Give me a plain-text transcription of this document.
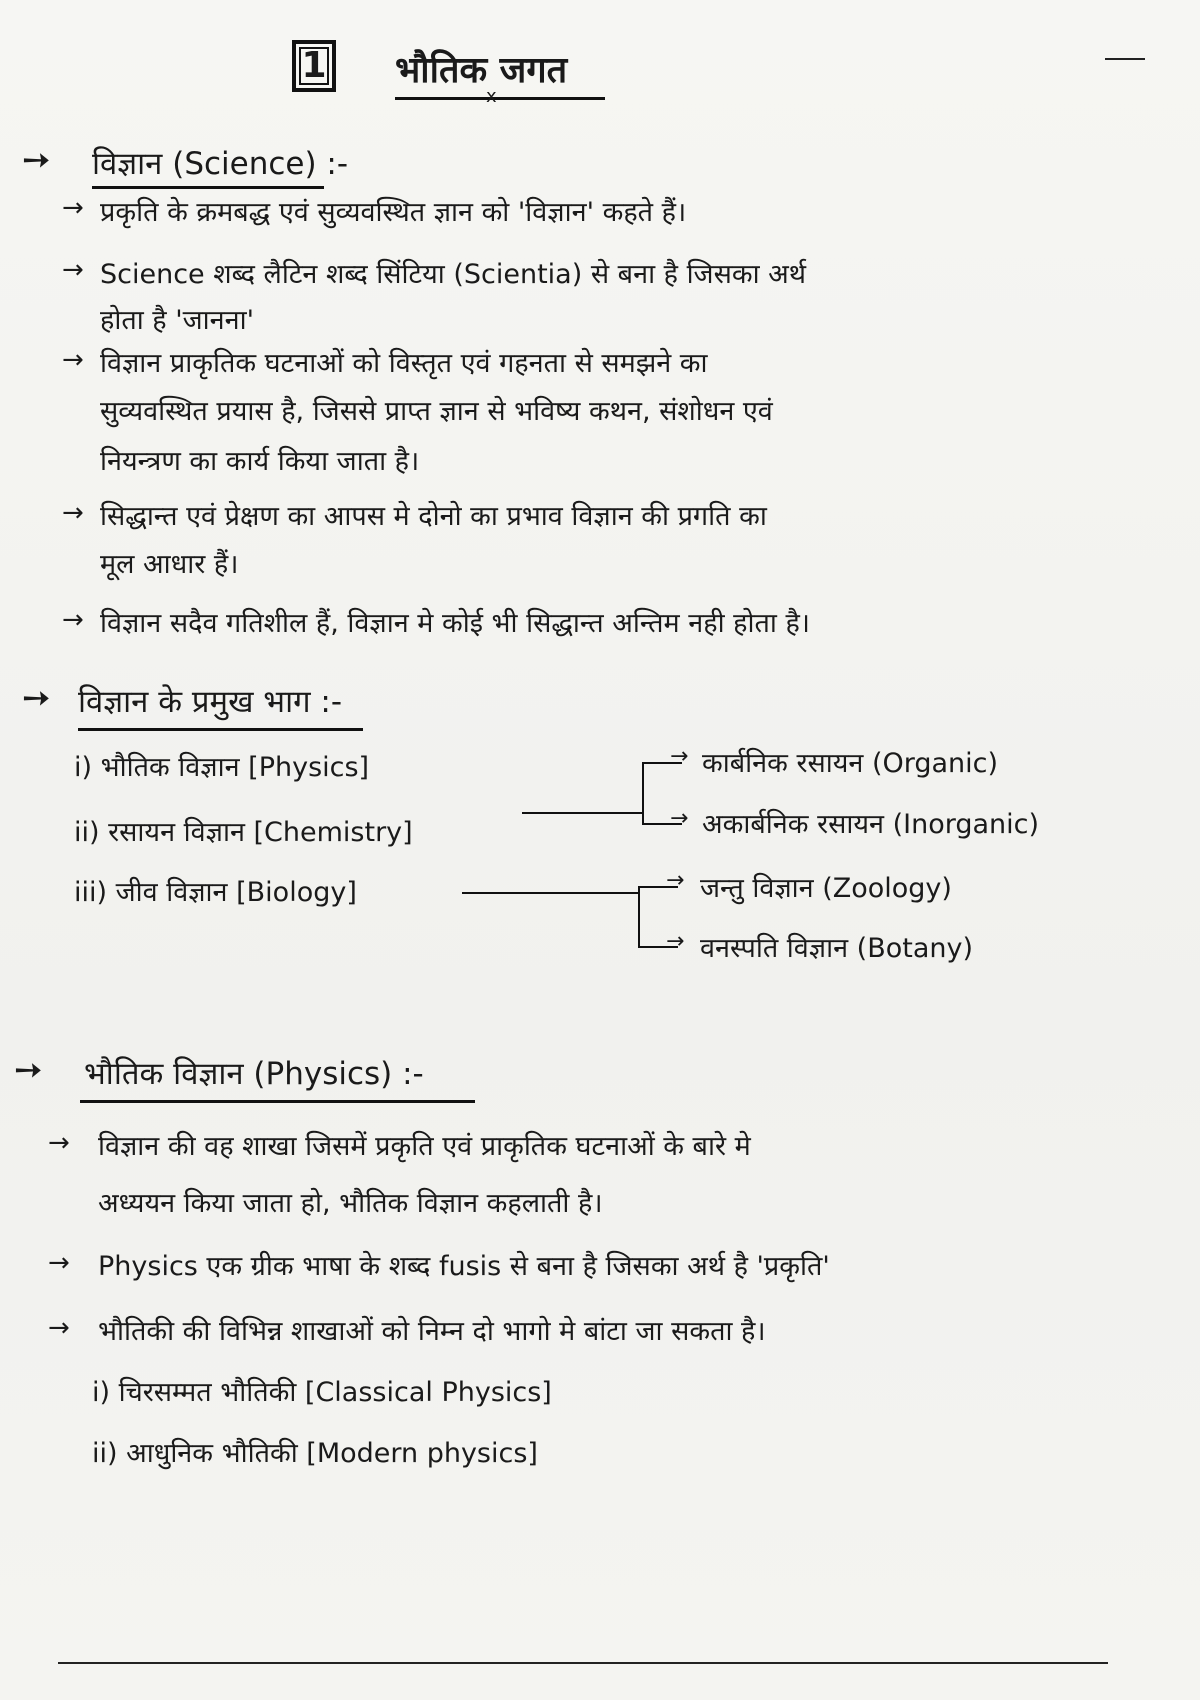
1 भौतिक जगत
x
➙ विज्ञान (Science) :-
→ प्रकृति के क्रमबद्ध एवं सुव्यवस्थित ज्ञान को 'विज्ञान' कहते हैं।
→ Science शब्द लैटिन शब्द सिंटिया (Scientia) से बना है जिसका अर्थ
होता है 'जानना'
→ विज्ञान प्राकृतिक घटनाओं को विस्तृत एवं गहनता से समझने का
सुव्यवस्थित प्रयास है, जिससे प्राप्त ज्ञान से भविष्य कथन, संशोधन एवं
नियन्त्रण का कार्य किया जाता है।
→ सिद्धान्त एवं प्रेक्षण का आपस मे दोनो का प्रभाव विज्ञान की प्रगति का
मूल आधार हैं।
→ विज्ञान सदैव गतिशील हैं, विज्ञान मे कोई भी सिद्धान्त अन्तिम नही होता है।
➙ विज्ञान के प्रमुख भाग :-
i) भौतिक विज्ञान [Physics]
ii) रसायन विज्ञान [Chemistry]
iii) जीव विज्ञान [Biology]
→
→
कार्बनिक रसायन (Organic)
अकार्बनिक रसायन (Inorganic)
→
→
जन्तु विज्ञान (Zoology)
वनस्पति विज्ञान (Botany)
➙ भौतिक विज्ञान (Physics) :-
→ विज्ञान की वह शाखा जिसमें प्रकृति एवं प्राकृतिक घटनाओं के बारे मे
अध्ययन किया जाता हो, भौतिक विज्ञान कहलाती है।
→ Physics एक ग्रीक भाषा के शब्द fusis से बना है जिसका अर्थ है 'प्रकृति'
→ भौतिकी की विभिन्न शाखाओं को निम्न दो भागो मे बांटा जा सकता है।
i) चिरसम्मत भौतिकी [Classical Physics]
ii) आधुनिक भौतिकी [Modern physics]
